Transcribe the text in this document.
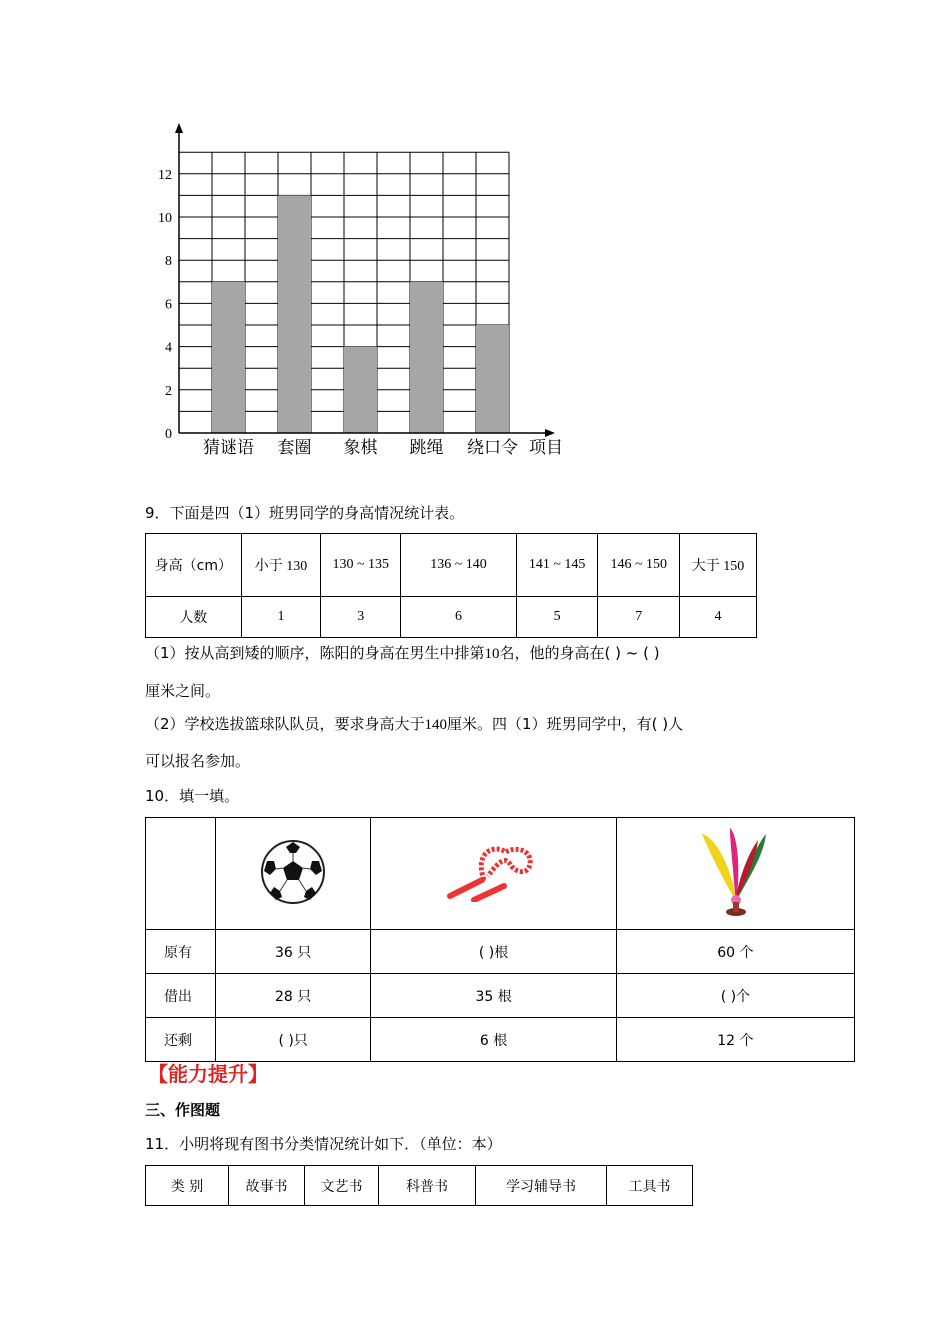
0
2
4
6
8
10
12
猜谜语 套圈 象棋 跳绳 绕口令 项目
9．下面是四（1）班男同学的身高情况统计表。
身高（cm）	小于 130	130 ~ 135	136 ~ 140	141 ~ 145	146 ~ 150	大于 150
人数	1	3	6	5	7	4
（1）按从高到矮的顺序，陈阳的身高在男生中排第10名，他的身高在( ) ~ ( )
厘米之间。
（2）学校选拔篮球队队员，要求身高大于140厘米。四（1）班男同学中，有( )人
可以报名参加。
10．填一填。

原有	36 只	( )根	60 个
借出	28 只	35 根	( )个
还剩	( )只	6 根	12 个
【能力提升】
三、作图题
11．小明将现有图书分类情况统计如下．（单位：本）
类 别	故事书	文艺书	科普书	学习辅导书	工具书
